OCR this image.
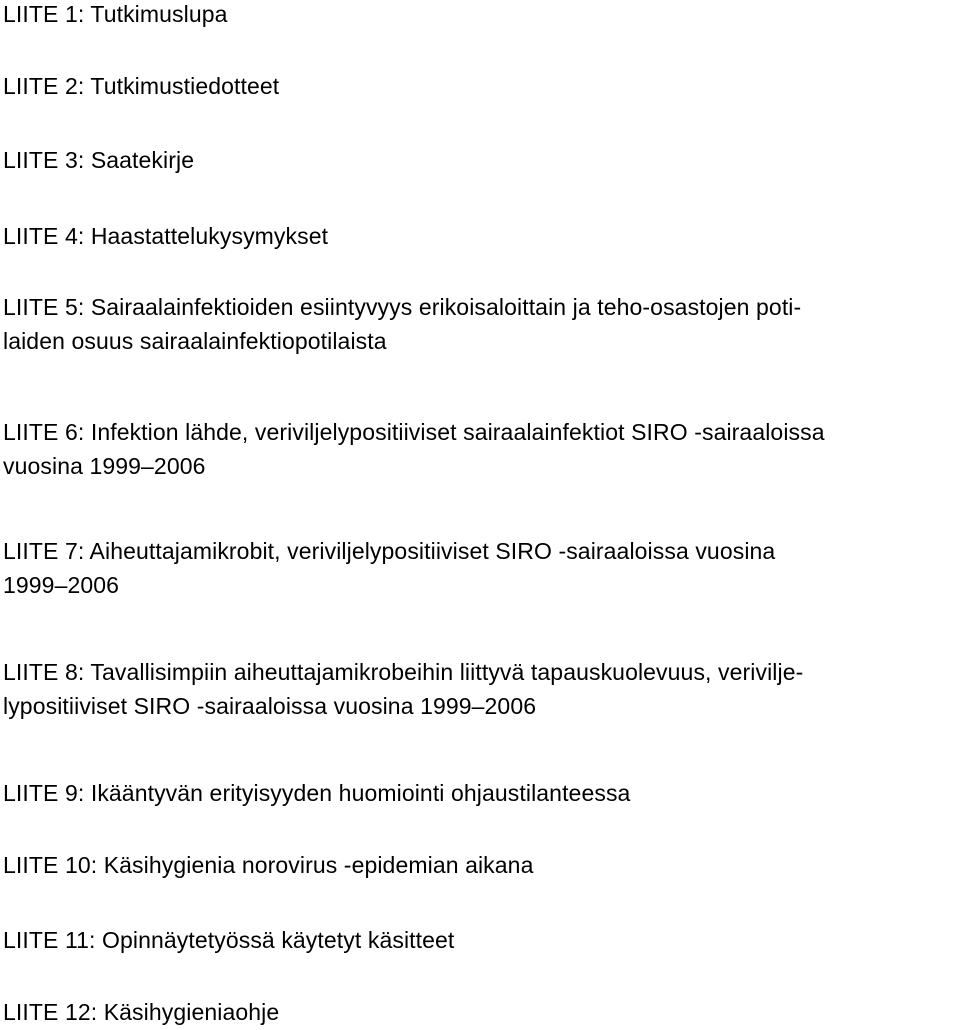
LIITE 1: Tutkimuslupa
LIITE 2: Tutkimustiedotteet
LIITE 3: Saatekirje
LIITE 4: Haastattelukysymykset
LIITE 5: Sairaalainfektioiden esiintyvyys erikoisaloittain ja teho-osastojen poti-
laiden osuus sairaalainfektiopotilaista
LIITE 6: Infektion lähde, veriviljelypositiiviset sairaalainfektiot SIRO -sairaaloissa
vuosina 1999–2006
LIITE 7: Aiheuttajamikrobit, veriviljelypositiiviset SIRO -sairaaloissa vuosina
1999–2006
LIITE 8: Tavallisimpiin aiheuttajamikrobeihin liittyvä tapauskuolevuus, verivilje-
lypositiiviset SIRO -sairaaloissa vuosina 1999–2006
LIITE 9: Ikääntyvän erityisyyden huomiointi ohjaustilanteessa
LIITE 10: Käsihygienia norovirus -epidemian aikana
LIITE 11: Opinnäytetyössä käytetyt käsitteet
LIITE 12: Käsihygieniaohje
